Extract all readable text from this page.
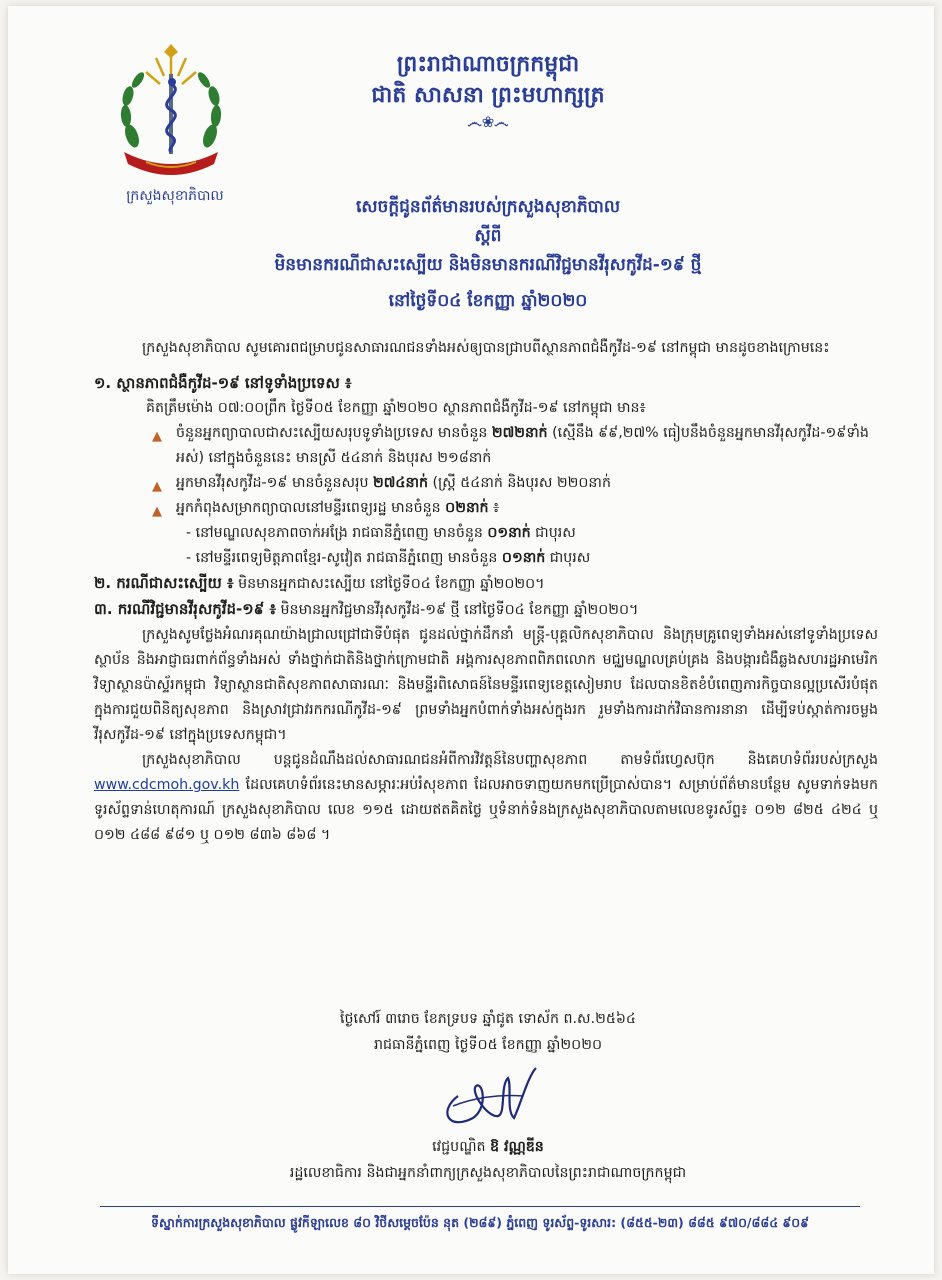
ក្រសួងសុខាភិបាល
ព្រះរាជាណាចក្រកម្ពុជា
ជាតិ សាសនា ព្រះមហាក្សត្រ
෴❀෴
សេចក្តីជូនព័ត៌មានរបស់ក្រសួងសុខាភិបាល
ស្តីពី
មិនមានករណីជាសះស្បើយ និងមិនមានករណីវិជ្ជមានវីរុសកូវីដ-១៩ ថ្មី
នៅថ្ងៃទី០៤ ខែកញ្ញា ឆ្នាំ២០២០

ក្រសួងសុខាភិបាល សូមគោរពជម្រាបជូនសាធារណជនទាំងអស់ឲ្យបានជ្រាបពីស្ថានភាពជំងឺកូវីដ-១៩ នៅកម្ពុជា មានដូចខាងក្រោមនេះ

១. ស្ថានភាពជំងឺកូវីដ-១៩ នៅទូទាំងប្រទេស ៖

គិតត្រឹមម៉ោង ០៧:០០ព្រឹក ថ្ងៃទី០៥ ខែកញ្ញា ឆ្នាំ២០២០ ស្ថានភាពជំងឺកូវីដ-១៩ នៅកម្ពុជា មាន៖

▲ ចំនួនអ្នកព្យាបាលជាសះស្បើយសរុបទូទាំងប្រទេស មានចំនួន ២៧២នាក់ (ស្មើនឹង ៩៩,២៧% ធៀបនឹងចំនួនអ្នកមានវីរុសកូវីដ-១៩ទាំងអស់) នៅក្នុងចំនួននេះ មានស្រី ៥៤នាក់ និងបុរស ២១៨នាក់

▲ អ្នកមានវីរុសកូវីដ-១៩ មានចំនួនសរុប ២៧៤នាក់ (ស្ត្រី ៥៤នាក់ និងបុរស ២២០នាក់

▲ អ្នកកំពុងសម្រាកព្យាបាលនៅមន្ទីរពេទ្យរដ្ឋ មានចំនួន ០២នាក់ ៖

- នៅមណ្ឌលសុខភាពចាក់អង្រែ រាជធានីភ្នំពេញ មានចំនួន ០១នាក់ ជាបុរស

- នៅមន្ទីរពេទ្យមិត្តភាពខ្មែរ-សូវៀត រាជធានីភ្នំពេញ មានចំនួន ០១នាក់ ជាបុរស

២. ករណីជាសះស្បើយ ៖ មិនមានអ្នកជាសះស្បើយ នៅថ្ងៃទី០៤ ខែកញ្ញា ឆ្នាំ២០២០។

៣. ករណីវិជ្ជមានវីរុសកូវីដ-១៩ ៖ មិនមានអ្នកវិជ្ជមានវីរុសកូវីដ-១៩ ថ្មី នៅថ្ងៃទី០៤ ខែកញ្ញា ឆ្នាំ២០២០។

ក្រសួងសូមថ្លែងអំណរគុណយ៉ាងជ្រាលជ្រៅជាទីបំផុត ជូនដល់ថ្នាក់ដឹកនាំ មន្ត្រី-បុគ្គលិកសុខាភិបាល និងក្រុមគ្រូពេទ្យទាំងអស់នៅទូទាំងប្រទេស ស្ថាប័ន និងអាជ្ញាធរពាក់ព័ន្ធទាំងអស់ ទាំងថ្នាក់ជាតិនិងថ្នាក់ក្រោមជាតិ អង្គការសុខភាពពិភពលោក មជ្ឈមណ្ឌលគ្រប់គ្រង និងបង្ការជំងឺឆ្លងសហរដ្ឋអាមេរិក វិទ្យាស្ថានប៉ាស្ទ័រកម្ពុជា វិទ្យាស្ថានជាតិសុខភាពសាធារណៈ និងមន្ទីរពិសោធន៍នៃមន្ទីរពេទ្យខេត្តសៀមរាប ដែលបានខិតខំបំពេញភារកិច្ចបានល្អប្រសើរបំផុត ក្នុងការជួយពិនិត្យសុខភាព និងស្រាវជ្រាវរកករណីកូវីដ-១៩ ព្រមទាំងអ្នកបំពាក់ទាំងអស់ក្នុងរក រួមទាំងការដាក់វិធានការនានា ដើម្បីទប់ស្កាត់ការចម្លងវីរុសកូវីដ-១៩ នៅក្នុងប្រទេសកម្ពុជា។

ក្រសួងសុខាភិបាល បន្តជូនដំណឹងដល់សាធារណជនអំពីការវិវត្តន៍នៃបញ្ហាសុខភាព តាមទំព័រហ្វេសប៊ុក និងគេហទំព័ររបស់ក្រសួង www.cdcmoh.gov.kh ដែលគេហទំព័រនេះមានសម្ភារៈអប់រំសុខភាព ដែលអាចទាញយកមកប្រើប្រាស់បាន។ សម្រាប់ព័ត៌មានបន្ថែម សូមទាក់ទងមកទូរស័ព្ទទាន់ហេតុការណ៍ ក្រសួងសុខាភិបាល លេខ ១១៥ ដោយឥតគិតថ្លៃ ឬទំនាក់ទំនងក្រសួងសុខាភិបាលតាមលេខទូរស័ព្ទ៖ ០១២ ៨២៥ ៤២៤ ឬ ០១២ ៤៨៨ ៩៨១ ឬ ០១២ ៨៣៦ ៨៦៨ ។

ថ្ងៃសៅរ៍ ៣រោច ខែភទ្របទ ឆ្នាំជូត ទោស័ក ព.ស.២៥៦៤
រាជធានីភ្នំពេញ ថ្ងៃទី០៥ ខែកញ្ញា ឆ្នាំ២០២០
វេជ្ជបណ្ឌិត ឱ វណ្ណឌីន
រដ្ឋលេខាធិការ និងជាអ្នកនាំពាក្យក្រសួងសុខាភិបាលនៃព្រះរាជាណាចក្រកម្ពុជា
ទីស្នាក់ការក្រសួងសុខាភិបាល ផ្លូវកីឡាលេខ ៨០ វិថីសម្តេចប៉ែន នុត (២៨៩) ភ្នំពេញ ទូរស័ព្ទ-ទូរសារ: (៨៥៥-២៣) ៨៨៥ ៩៧០/៨៨៤ ៩០៩
